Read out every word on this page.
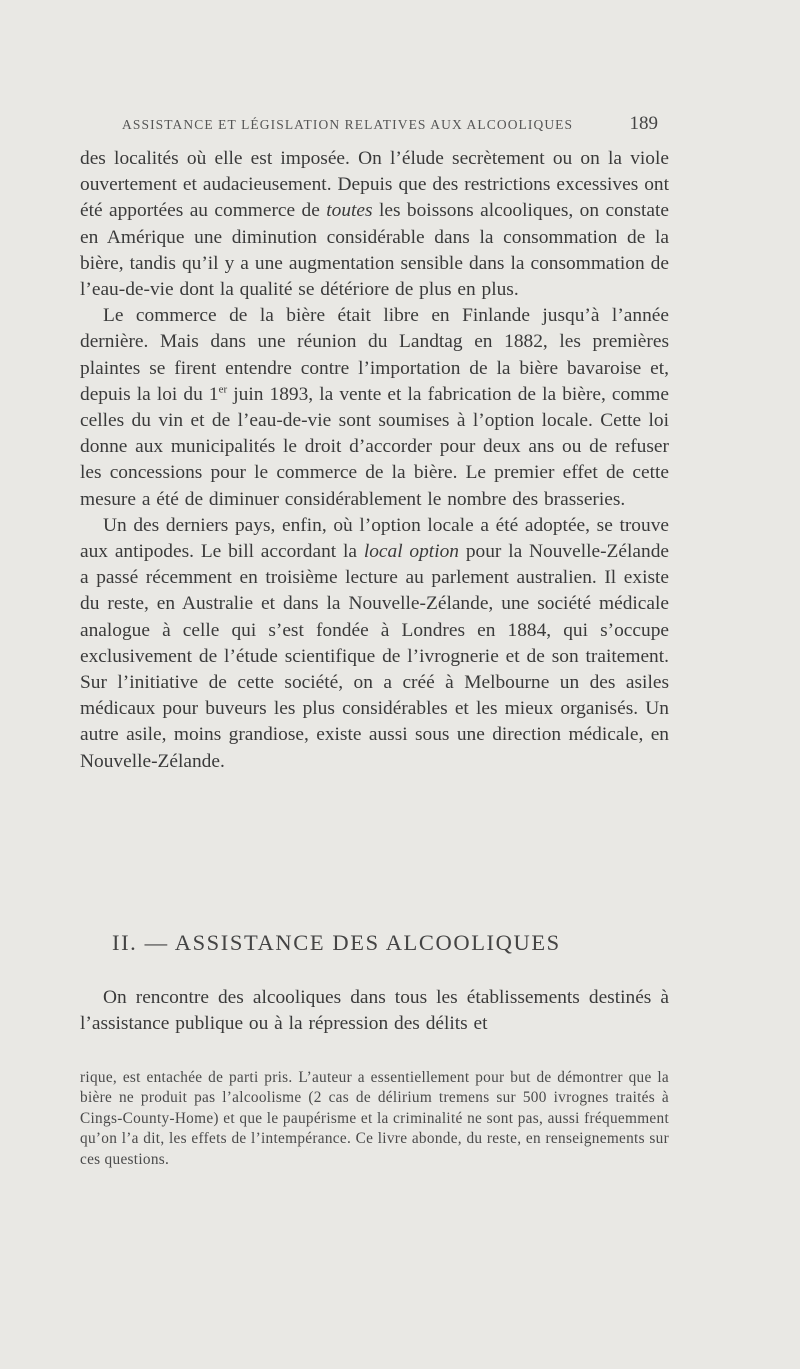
ASSISTANCE ET LÉGISLATION RELATIVES AUX ALCOOLIQUES	189

des localités où elle est imposée. On l’élude secrètement ou on la viole ouvertement et audacieusement. Depuis que des restrictions excessives ont été apportées au commerce de toutes les boissons alcooliques, on constate en Amérique une diminution considérable dans la consommation de la bière, tandis qu’il y a une augmentation sensible dans la consommation de l’eau-de-vie dont la qualité se détériore de plus en plus.

Le commerce de la bière était libre en Finlande jusqu’à l’année dernière. Mais dans une réunion du Landtag en 1882, les premières plaintes se firent entendre contre l’importation de la bière bavaroise et, depuis la loi du 1er juin 1893, la vente et la fabrication de la bière, comme celles du vin et de l’eau-de-vie sont soumises à l’option locale. Cette loi donne aux municipalités le droit d’accorder pour deux ans ou de refuser les concessions pour le commerce de la bière. Le premier effet de cette mesure a été de diminuer considérablement le nombre des brasseries.

Un des derniers pays, enfin, où l’option locale a été adoptée, se trouve aux antipodes. Le bill accordant la local option pour la Nouvelle-Zélande a passé récemment en troisième lecture au parlement australien. Il existe du reste, en Australie et dans la Nouvelle-Zélande, une société médicale analogue à celle qui s’est fondée à Londres en 1884, qui s’occupe exclusivement de l’étude scientifique de l’ivrognerie et de son traitement. Sur l’initiative de cette société, on a créé à Melbourne un des asiles médicaux pour buveurs les plus considérables et les mieux organisés. Un autre asile, moins grandiose, existe aussi sous une direction médicale, en Nouvelle-Zélande.

II. — ASSISTANCE DES ALCOOLIQUES

On rencontre des alcooliques dans tous les établissements destinés à l’assistance publique ou à la répression des délits et

rique, est entachée de parti pris. L’auteur a essentiellement pour but de démontrer que la bière ne produit pas l’alcoolisme (2 cas de délirium tremens sur 500 ivrognes traités à Cings-County-Home) et que le paupérisme et la criminalité ne sont pas, aussi fréquemment qu’on l’a dit, les effets de l’intempérance. Ce livre abonde, du reste, en renseignements sur ces questions.
